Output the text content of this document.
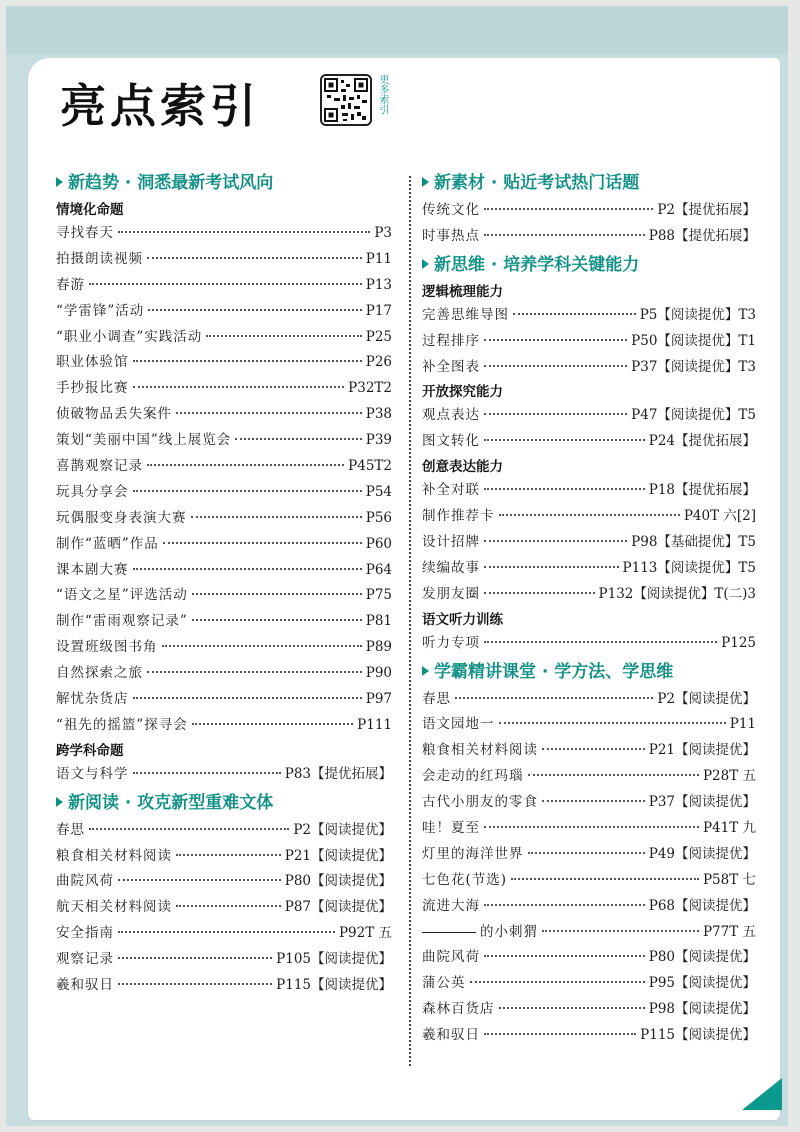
亮点索引	更多索引
新趋势 · 洞悉最新考试风向
情境化命题
寻找春天	P3
拍摄朗读视频	P11
春游	P13
“学雷锋”活动	P17
“职业小调查”实践活动	P25
职业体验馆	P26
手抄报比赛	P32T2
侦破物品丢失案件	P38
策划“美丽中国”线上展览会	P39
喜鹊观察记录	P45T2
玩具分享会	P54
玩偶服变身表演大赛	P56
制作“蓝晒”作品	P60
课本剧大赛	P64
“语文之星”评选活动	P75
制作“雷雨观察记录”	P81
设置班级图书角	P89
自然探索之旅	P90
解忧杂货店	P97
“祖先的摇篮”探寻会	P111
跨学科命题
语文与科学	P83【提优拓展】
新阅读 · 攻克新型重难文体
春思	P2【阅读提优】
粮食相关材料阅读	P21【阅读提优】
曲院风荷	P80【阅读提优】
航天相关材料阅读	P87【阅读提优】
安全指南	P92T 五
观察记录	P105【阅读提优】
羲和驭日	P115【阅读提优】
新素材 · 贴近考试热门话题
传统文化	P2【提优拓展】
时事热点	P88【提优拓展】
新思维 · 培养学科关键能力
逻辑梳理能力
完善思维导图	P5【阅读提优】T3
过程排序	P50【阅读提优】T1
补全图表	P37【阅读提优】T3
开放探究能力
观点表达	P47【阅读提优】T5
图文转化	P24【提优拓展】
创意表达能力
补全对联	P18【提优拓展】
制作推荐卡	P40T 六[2]
设计招牌	P98【基础提优】T5
续编故事	P113【阅读提优】T5
发朋友圈	P132【阅读提优】T(二)3
语文听力训练
听力专项	P125
学霸精讲课堂 · 学方法、学思维
春思	P2【阅读提优】
语文园地一	P11
粮食相关材料阅读	P21【阅读提优】
会走动的红玛瑙	P28T 五
古代小朋友的零食	P37【阅读提优】
哇！夏至	P41T 九
灯里的海洋世界	P49【阅读提优】
七色花(节选)	P58T 七
流进大海	P68【阅读提优】
的小刺猬	P77T 五
曲院风荷	P80【阅读提优】
蒲公英	P95【阅读提优】
森林百货店	P98【阅读提优】
羲和驭日	P115【阅读提优】
